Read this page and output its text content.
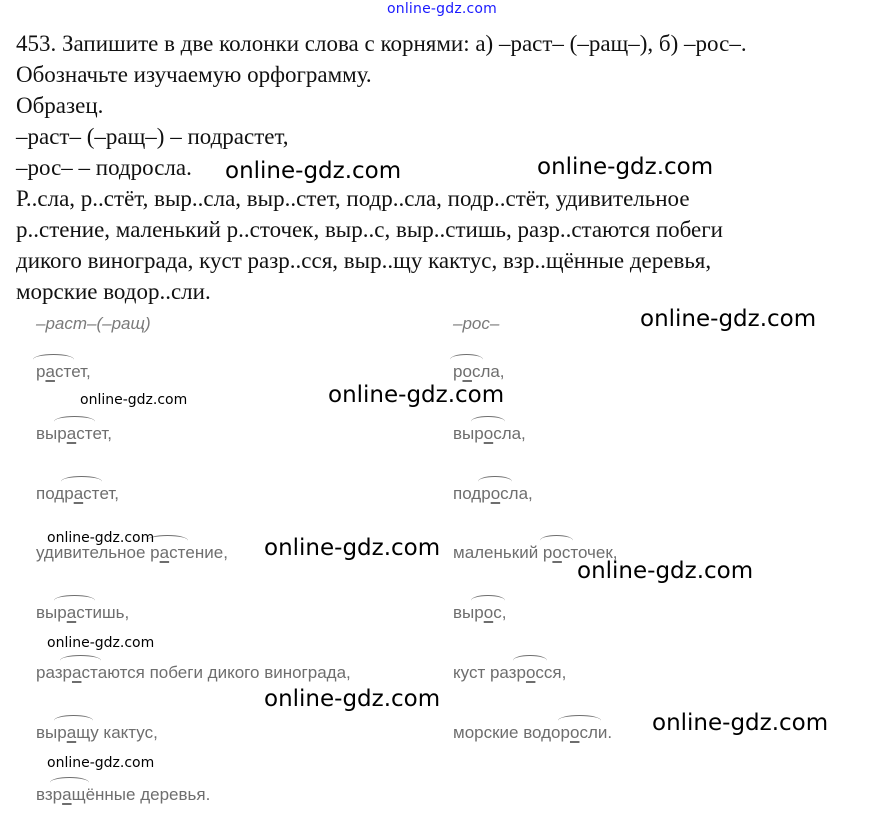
online-gdz.com
453. Запишите в две колонки слова с корнями: а) –раст– (–ращ–), б) –рос–.
Обозначьте изучаемую орфограмму.
Образец.
–раст– (–ращ–) – подрастет,
–рос– – подросла.
Р..сла, р..стёт, выр..сла, выр..стет, подр..сла, подр..стёт, удивительное
р..стение, маленький р..сточек, выр..с, выр..стишь, разр..стаются побеги
дикого винограда, куст разр..сся, выр..щу кактус, взр..щённые деревья,
морские водор..сли.
–раст–(–ращ)	–рос–
растет,
вырастет,
подрастет,
удивительное растение,
вырастишь,
разрастаются побеги дикого винограда,
выращу кактус,
взращённые деревья.
росла,
выросла,
подросла,
маленький росточек,
вырос,
куст разросся,
морские водоросли.
online-gdz.com	online-gdz.com
online-gdz.com
online-gdz.com
online-gdz.com
online-gdz.com
online-gdz.com
online-gdz.com
online-gdz.com
online-gdz.com
online-gdz.com
online-gdz.com
